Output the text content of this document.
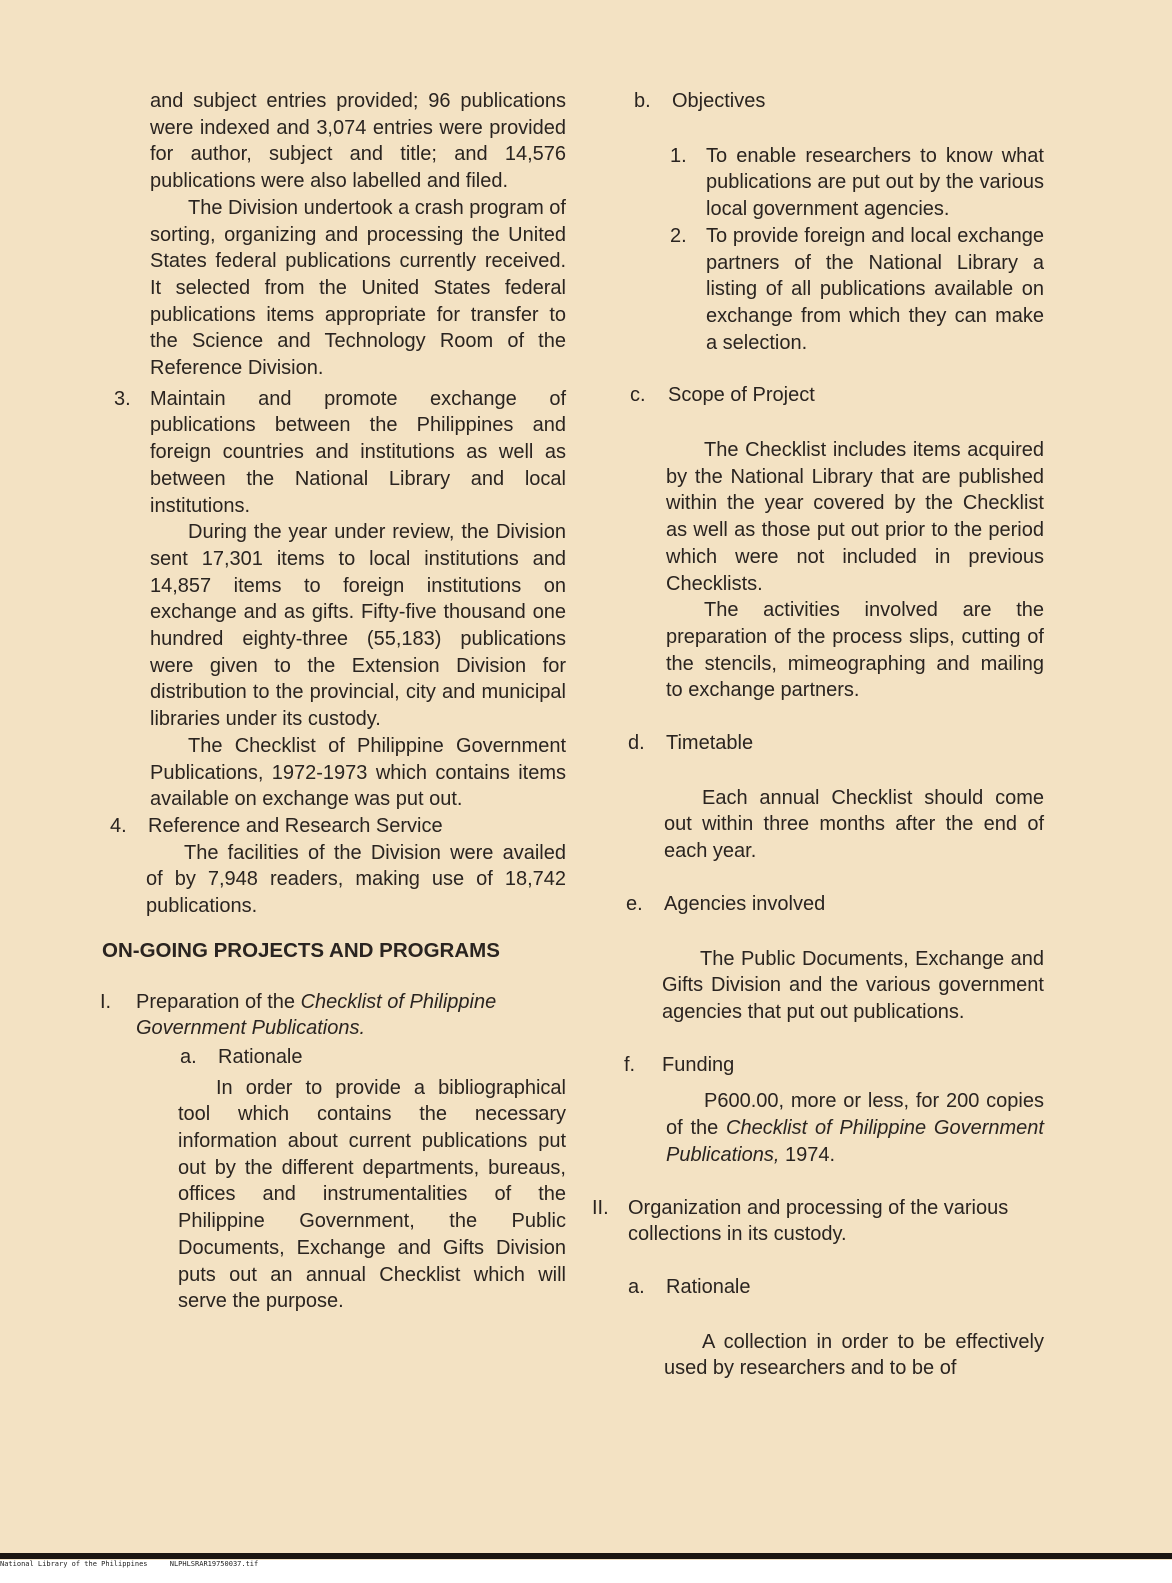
and subject entries provided; 96 publications were indexed and 3,074 entries were provided for author, subject and title; and 14,576 publications were also labelled and filed.

The Division undertook a crash program of sorting, organizing and processing the United States federal publications currently received. It selected from the United States federal publications items appropriate for transfer to the Science and Technology Room of the Reference Division.

3. Maintain and promote exchange of publications between the Philippines and foreign countries and institutions as well as between the National Library and local institutions.

During the year under review, the Division sent 17,301 items to local institutions and 14,857 items to foreign institutions on exchange and as gifts. Fifty-five thousand one hundred eighty-three (55,183) publications were given to the Extension Division for distribution to the provincial, city and municipal libraries under its custody.

The Checklist of Philippine Government Publications, 1972-1973 which contains items available on exchange was put out.

4.	Reference and Research Service

The facilities of the Division were availed of by 7,948 readers, making use of 18,742 publications.

ON-GOING PROJECTS AND PROGRAMS
I.	Preparation of the Checklist of Philippine Government Publications.
a.	Rationale

In order to provide a bibliographical tool which contains the necessary information about current publications put out by the different departments, bureaus, offices and instrumentalities of the Philippine Government, the Public Documents, Exchange and Gifts Division puts out an annual Checklist which will serve the purpose.

b.	Objectives
1. To enable researchers to know what publications are put out by the various local government agencies.

2. To provide foreign and local exchange partners of the National Library a listing of all publications available on exchange from which they can make a selection.

c.	Scope of Project

The Checklist includes items acquired by the National Library that are published within the year covered by the Checklist as well as those put out prior to the period which were not included in previous Checklists.

The activities involved are the preparation of the process slips, cutting of the stencils, mimeographing and mailing to exchange partners.

d.	Timetable

Each annual Checklist should come out within three months after the end of each year.

e.	Agencies involved

The Public Documents, Exchange and Gifts Division and the various government agencies that put out publications.

f.	Funding

P600.00, more or less, for 200 copies of the Checklist of Philippine Government Publications, 1974.

II. Organization and processing of the various collections in its custody.
a.	Rationale

A collection in order to be effectively used by researchers and to be of

National Library of the Philippines	NLPHLSRAR19750037.tif
